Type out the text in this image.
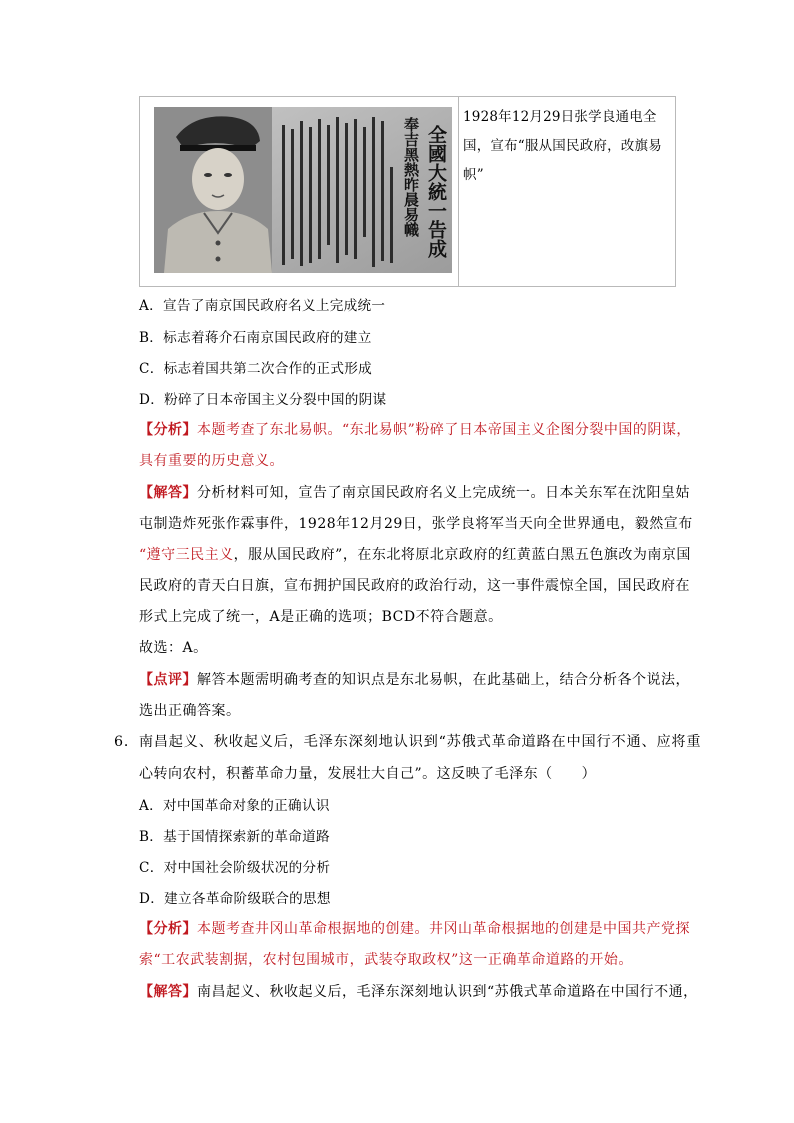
全國大統一告成
奉吉黑熱昨晨易幟	1928年12月29日张学良通电全国，宣布“服从国民政府，改旗易帜”
A．宣告了南京国民政府名义上完成统一
B．标志着蒋介石南京国民政府的建立
C．标志着国共第二次合作的正式形成
D．粉碎了日本帝国主义分裂中国的阴谋
【分析】本题考查了东北易帜。“东北易帜”粉碎了日本帝国主义企图分裂中国的阴谋，
具有重要的历史意义。
【解答】分析材料可知，宣告了南京国民政府名义上完成统一。日本关东军在沈阳皇姑
屯制造炸死张作霖事件，1928年12月29日，张学良将军当天向全世界通电，毅然宣布
“遵守三民主义，服从国民政府”，在东北将原北京政府的红黄蓝白黑五色旗改为南京国
民政府的青天白日旗，宣布拥护国民政府的政治行动，这一事件震惊全国，国民政府在
形式上完成了统一，A是正确的选项；BCD不符合题意。
故选：A。
【点评】解答本题需明确考查的知识点是东北易帜，在此基础上，结合分析各个说法，
选出正确答案。
6．南昌起义、秋收起义后，毛泽东深刻地认识到“苏俄式革命道路在中国行不通、应将重
心转向农村，积蓄革命力量，发展壮大自己”。这反映了毛泽东（　　）
A．对中国革命对象的正确认识
B．基于国情探索新的革命道路
C．对中国社会阶级状况的分析
D．建立各革命阶级联合的思想
【分析】本题考查井冈山革命根据地的创建。井冈山革命根据地的创建是中国共产党探
索“工农武装割据，农村包围城市，武装夺取政权”这一正确革命道路的开始。
【解答】南昌起义、秋收起义后，毛泽东深刻地认识到“苏俄式革命道路在中国行不通，
